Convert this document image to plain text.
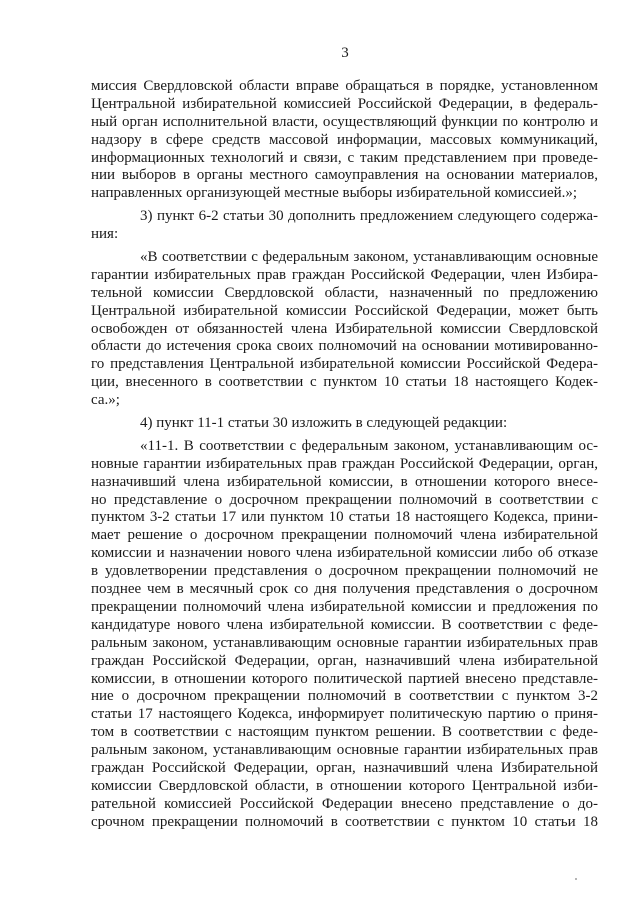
3
миссия Свердловской области вправе обращаться в порядке, установленном
Центральной избирательной комиссией Российской Федерации, в федераль-
ный орган исполнительной власти, осуществляющий функции по контролю и
надзору в сфере средств массовой информации, массовых коммуникаций,
информационных технологий и связи, с таким представлением при проведе-
нии выборов в органы местного самоуправления на основании материалов,
направленных организующей местные выборы избирательной комиссией.»;
3) пункт 6-2 статьи 30 дополнить предложением следующего содержа-
ния:
«В соответствии с федеральным законом, устанавливающим основные
гарантии избирательных прав граждан Российской Федерации, член Избира-
тельной комиссии Свердловской области, назначенный по предложению
Центральной избирательной комиссии Российской Федерации, может быть
освобожден от обязанностей члена Избирательной комиссии Свердловской
области до истечения срока своих полномочий на основании мотивированно-
го представления Центральной избирательной комиссии Российской Федера-
ции, внесенного в соответствии с пунктом 10 статьи 18 настоящего Кодек-
са.»;
4) пункт 11-1 статьи 30 изложить в следующей редакции:
«11-1. В соответствии с федеральным законом, устанавливающим ос-
новные гарантии избирательных прав граждан Российской Федерации, орган,
назначивший члена избирательной комиссии, в отношении которого внесе-
но представление о досрочном прекращении полномочий в соответствии с
пунктом 3-2 статьи 17 или пунктом 10 статьи 18 настоящего Кодекса, прини-
мает решение о досрочном прекращении полномочий члена избирательной
комиссии и назначении нового члена избирательной комиссии либо об отказе
в удовлетворении представления о досрочном прекращении полномочий не
позднее чем в месячный срок со дня получения представления о досрочном
прекращении полномочий члена избирательной комиссии и предложения по
кандидатуре нового члена избирательной комиссии. В соответствии с феде-
ральным законом, устанавливающим основные гарантии избирательных прав
граждан Российской Федерации, орган, назначивший члена избирательной
комиссии, в отношении которого политической партией внесено представле-
ние о досрочном прекращении полномочий в соответствии с пунктом 3-2
статьи 17 настоящего Кодекса, информирует политическую партию о приня-
том в соответствии с настоящим пунктом решении. В соответствии с феде-
ральным законом, устанавливающим основные гарантии избирательных прав
граждан Российской Федерации, орган, назначивший члена Избирательной
комиссии Свердловской области, в отношении которого Центральной изби-
рательной комиссией Российской Федерации внесено представление о до-
срочном прекращении полномочий в соответствии с пунктом 10 статьи 18
